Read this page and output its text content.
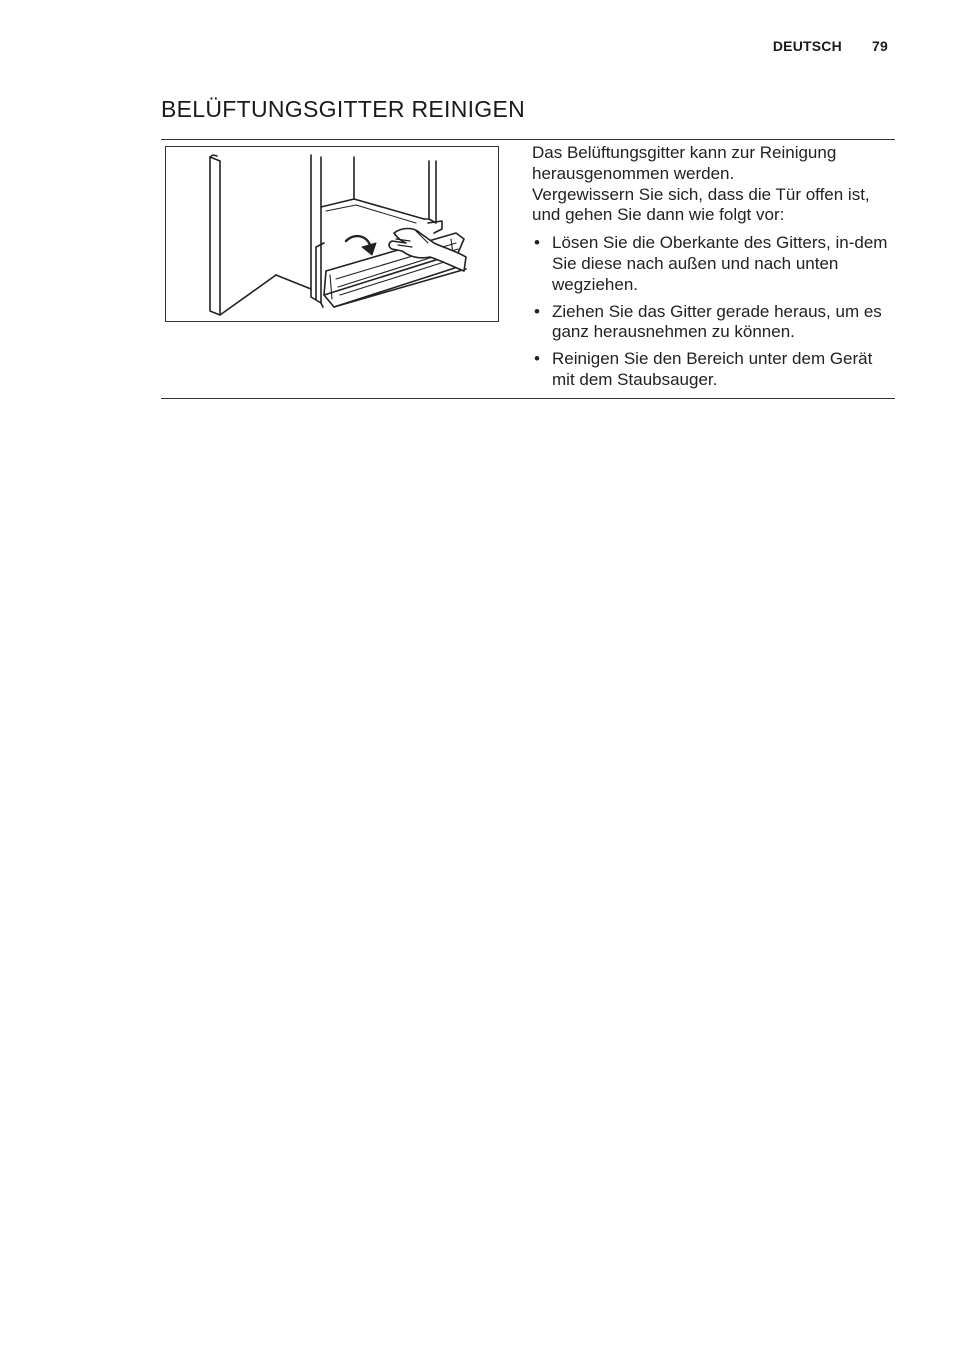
DEUTSCH 79
BELÜFTUNGSGITTER REINIGEN

Das Belüftungsgitter kann zur Reinigung herausgenommen werden.

Vergewissern Sie sich, dass die Tür offen ist, und gehen Sie dann wie folgt vor:

• Lösen Sie die Oberkante des Gitters, in-dem Sie diese nach außen und nach unten wegziehen.
• Ziehen Sie das Gitter gerade heraus, um es ganz herausnehmen zu können.
• Reinigen Sie den Bereich unter dem Gerät mit dem Staubsauger.
